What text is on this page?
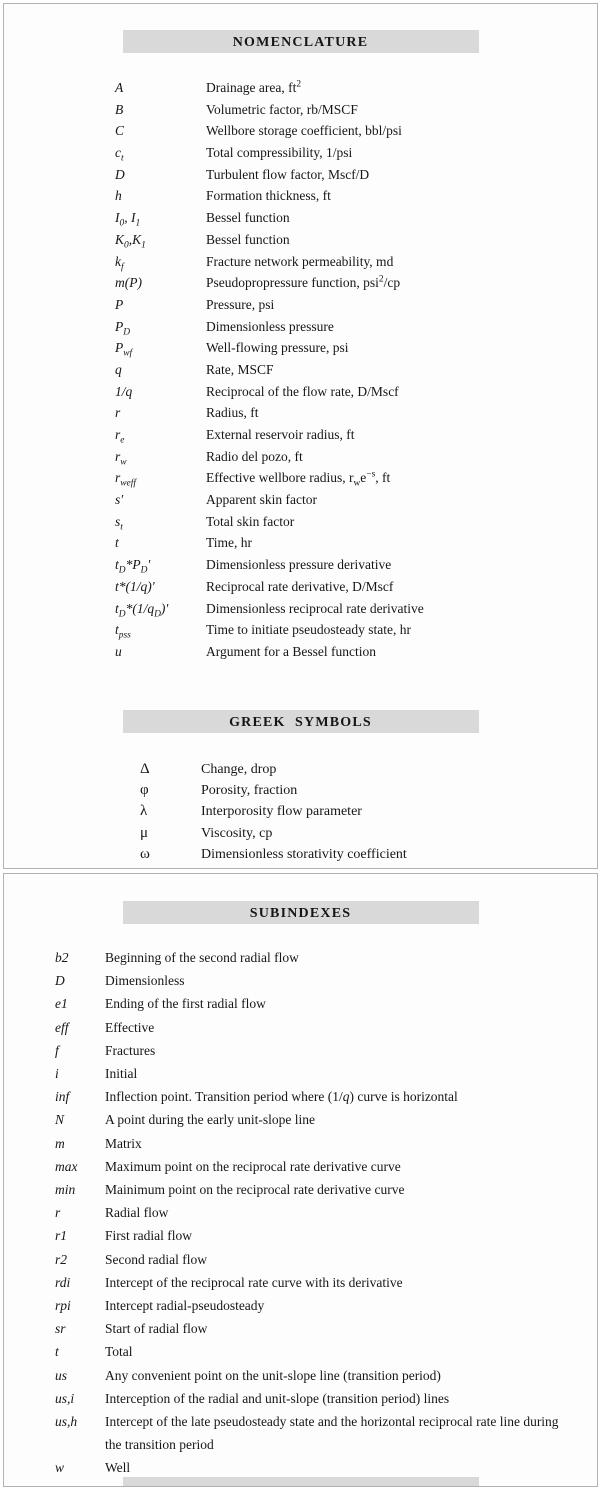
NOMENCLATURE
A	Drainage area, $ft^2$
B	Volumetric factor, rb/MSCF
C	Wellbore storage coefficient, bbl/psi
$c_t$	Total compressibility, 1/psi
D	Turbulent flow factor, Mscf/D
h	Formation thickness, ft
$I_0$, $I_1$	Bessel function
$K_0,K_1$	Bessel function
$k_f$	Fracture network permeability, md
m(P)	Pseudopropressure function, psi$^2$/cp
P	Pressure, psi
$P_D$	Dimensionless pressure
$P_{wf}$	Well-flowing pressure, psi
q	Rate, MSCF
1/q	Reciprocal of the flow rate, D/Mscf
r	Radius, ft
$r_e$	External reservoir radius, ft
$r_w$	Radio del pozo, ft
$r_{weff}$	Effective wellbore radius, $r_we^{-s}$, ft
s′	Apparent skin factor
$s_t$	Total skin factor
t	Time, hr
$t_D*P_D'$	Dimensionless pressure derivative
t*(1/q)′	Reciprocal rate derivative, D/Mscf
$t_D*(1/q_D)'$	Dimensionless reciprocal rate derivative
$t_{pss}$	Time to initiate pseudosteady state, hr
u	Argument for a Bessel function
GREEK  SYMBOLS
Δ	Change, drop
φ	Porosity, fraction
λ	Interporosity flow parameter
μ	Viscosity, cp
ω	Dimensionless storativity coefficient
SUBINDEXES
b2	Beginning of the second radial flow
D	Dimensionless
e1	Ending of the first radial flow
eff	Effective
f	Fractures
i	Initial
inf	Inflection point. Transition period where (1/q) curve is horizontal
N	A point during the early unit-slope line
m	Matrix
max	Maximum point on the reciprocal rate derivative curve
min	Mainimum point on the reciprocal rate derivative curve
r	Radial flow
r1	First radial flow
r2	Second radial flow
rdi	Intercept of the reciprocal rate curve with its derivative
rpi	Intercept radial-pseudosteady
sr	Start of radial flow
t	Total
us	Any convenient point on the unit-slope line (transition period)
us,i	Interception of the radial and unit-slope (transition period) lines
us,h	Intercept of the late pseudosteady state and the horizontal reciprocal rate line during the transition period
w	Well
